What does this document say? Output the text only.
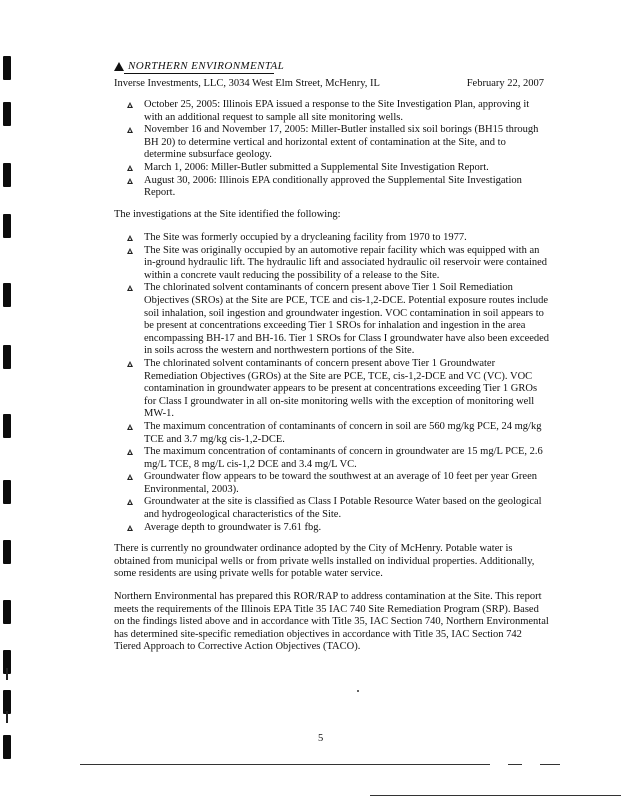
NORTHERN ENVIRONMENTAL
Inverse Investments, LLC, 3034 West Elm Street, McHenry, IL	February 22, 2007
October 25, 2005: Illinois EPA issued a response to the Site Investigation Plan, approving it with an additional request to sample all site monitoring wells.
November 16 and November 17, 2005: Miller-Butler installed six soil borings (BH15 through BH 20) to determine vertical and horizontal extent of contamination at the Site, and to determine subsurface geology.
March 1, 2006: Miller-Butler submitted a Supplemental Site Investigation Report.
August 30, 2006: Illinois EPA conditionally approved the Supplemental Site Investigation Report.
The investigations at the Site identified the following:
The Site was formerly occupied by a drycleaning facility from 1970 to 1977.
The Site was originally occupied by an automotive repair facility which was equipped with an in-ground hydraulic lift. The hydraulic lift and associated hydraulic oil reservoir were contained within a concrete vault reducing the possibility of a release to the Site.
The chlorinated solvent contaminants of concern present above Tier 1 Soil Remediation Objectives (SROs) at the Site are PCE, TCE and cis-1,2-DCE. Potential exposure routes include soil inhalation, soil ingestion and groundwater ingestion. VOC contamination in soil appears to be present at concentrations exceeding Tier 1 SROs for inhalation and ingestion in the area encompassing BH-17 and BH-16. Tier 1 SROs for Class I groundwater have also been exceeded in soils across the western and northwestern portions of the Site.
The chlorinated solvent contaminants of concern present above Tier 1 Groundwater Remediation Objectives (GROs) at the Site are PCE, TCE, cis-1,2-DCE and VC (VC). VOC contamination in groundwater appears to be present at concentrations exceeding Tier 1 GROs for Class I groundwater in all on-site monitoring wells with the exception of monitoring well MW-1.
The maximum concentration of contaminants of concern in soil are 560 mg/kg PCE, 24 mg/kg TCE and 3.7 mg/kg cis-1,2-DCE.
The maximum concentration of contaminants of concern in groundwater are 15 mg/L PCE, 2.6 mg/L TCE, 8 mg/L cis-1,2 DCE and 3.4 mg/L VC.
Groundwater flow appears to be toward the southwest at an average of 10 feet per year Green Environmental, 2003).
Groundwater at the site is classified as Class I Potable Resource Water based on the geological and hydrogeological characteristics of the Site.
Average depth to groundwater is 7.61 fbg.

There is currently no groundwater ordinance adopted by the City of McHenry. Potable water is obtained from municipal wells or from private wells installed on individual properties. Additionally, some residents are using private wells for potable water service.

Northern Environmental has prepared this ROR/RAP to address contamination at the Site. This report meets the requirements of the Illinois EPA Title 35 IAC 740 Site Remediation Program (SRP). Based on the findings listed above and in accordance with Title 35, IAC Section 740, Northern Environmental has determined site-specific remediation objectives in accordance with Title 35, IAC Section 742 Tiered Approach to Corrective Action Objectives (TACO).

5
